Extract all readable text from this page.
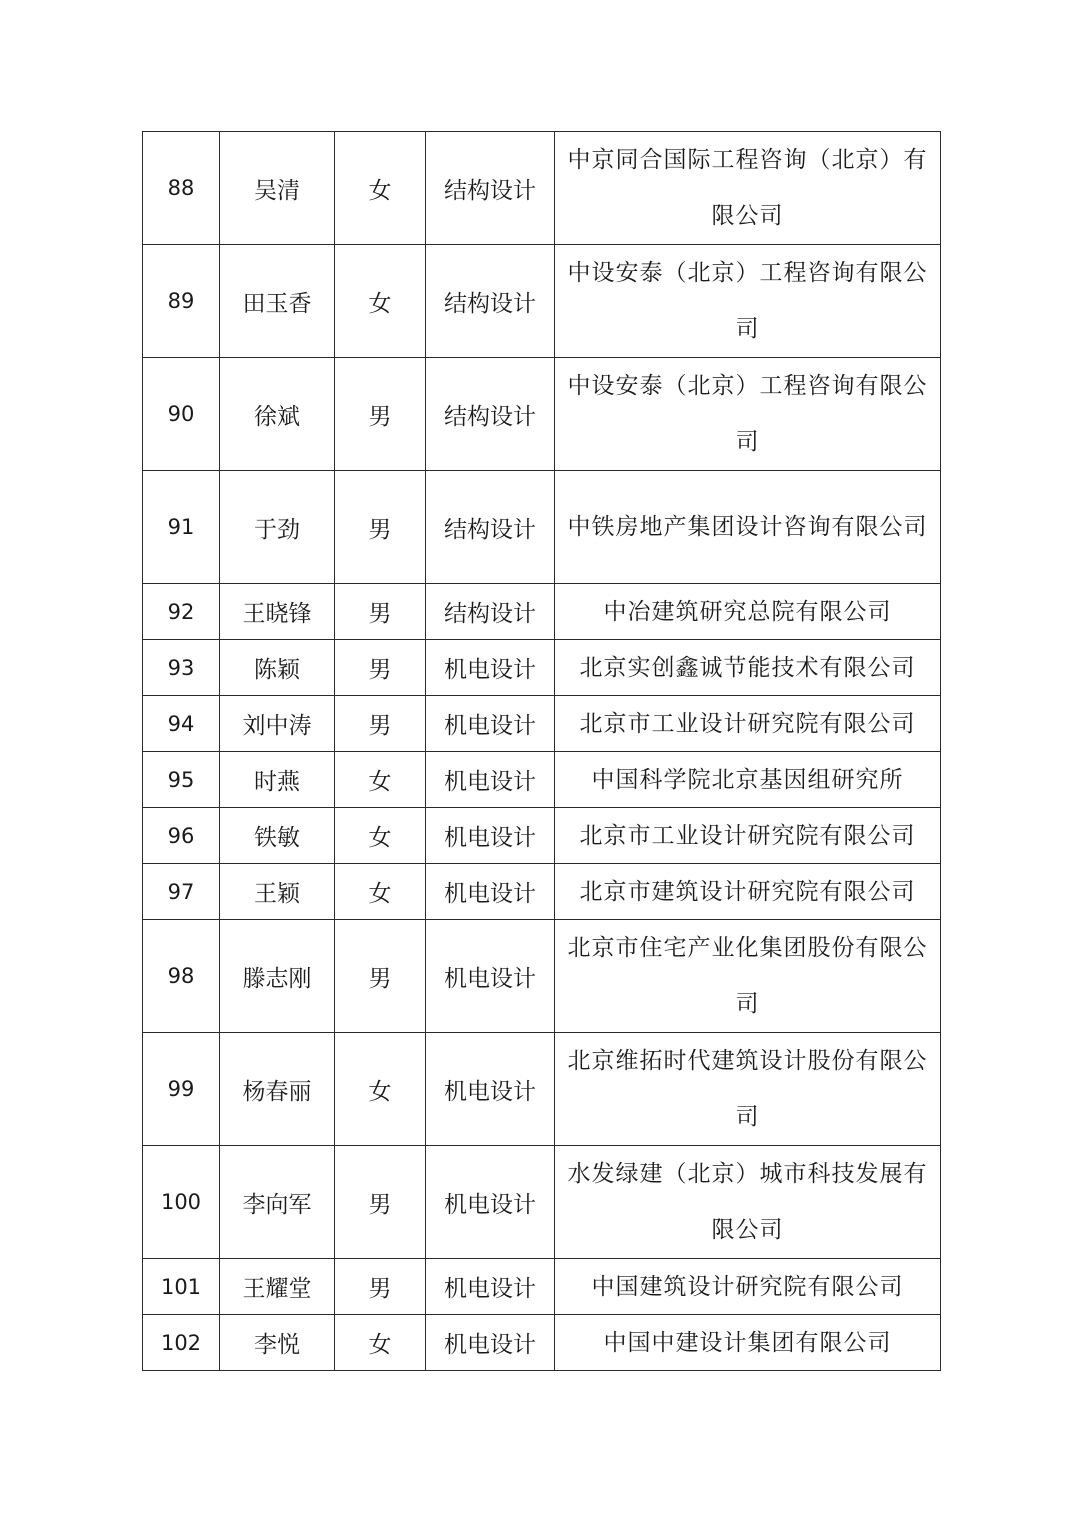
88	吴清	女	结构设计	中京同合国际工程咨询（北京）有限公司
89	田玉香	女	结构设计	中设安泰（北京）工程咨询有限公司
90	徐斌	男	结构设计	中设安泰（北京）工程咨询有限公司
91	于劲	男	结构设计	中铁房地产集团设计咨询有限公司
92	王晓锋	男	结构设计	中冶建筑研究总院有限公司
93	陈颖	男	机电设计	北京实创鑫诚节能技术有限公司
94	刘中涛	男	机电设计	北京市工业设计研究院有限公司
95	时燕	女	机电设计	中国科学院北京基因组研究所
96	铁敏	女	机电设计	北京市工业设计研究院有限公司
97	王颖	女	机电设计	北京市建筑设计研究院有限公司
98	滕志刚	男	机电设计	北京市住宅产业化集团股份有限公司
99	杨春丽	女	机电设计	北京维拓时代建筑设计股份有限公司
100	李向军	男	机电设计	水发绿建（北京）城市科技发展有限公司
101	王耀堂	男	机电设计	中国建筑设计研究院有限公司
102	李悦	女	机电设计	中国中建设计集团有限公司
